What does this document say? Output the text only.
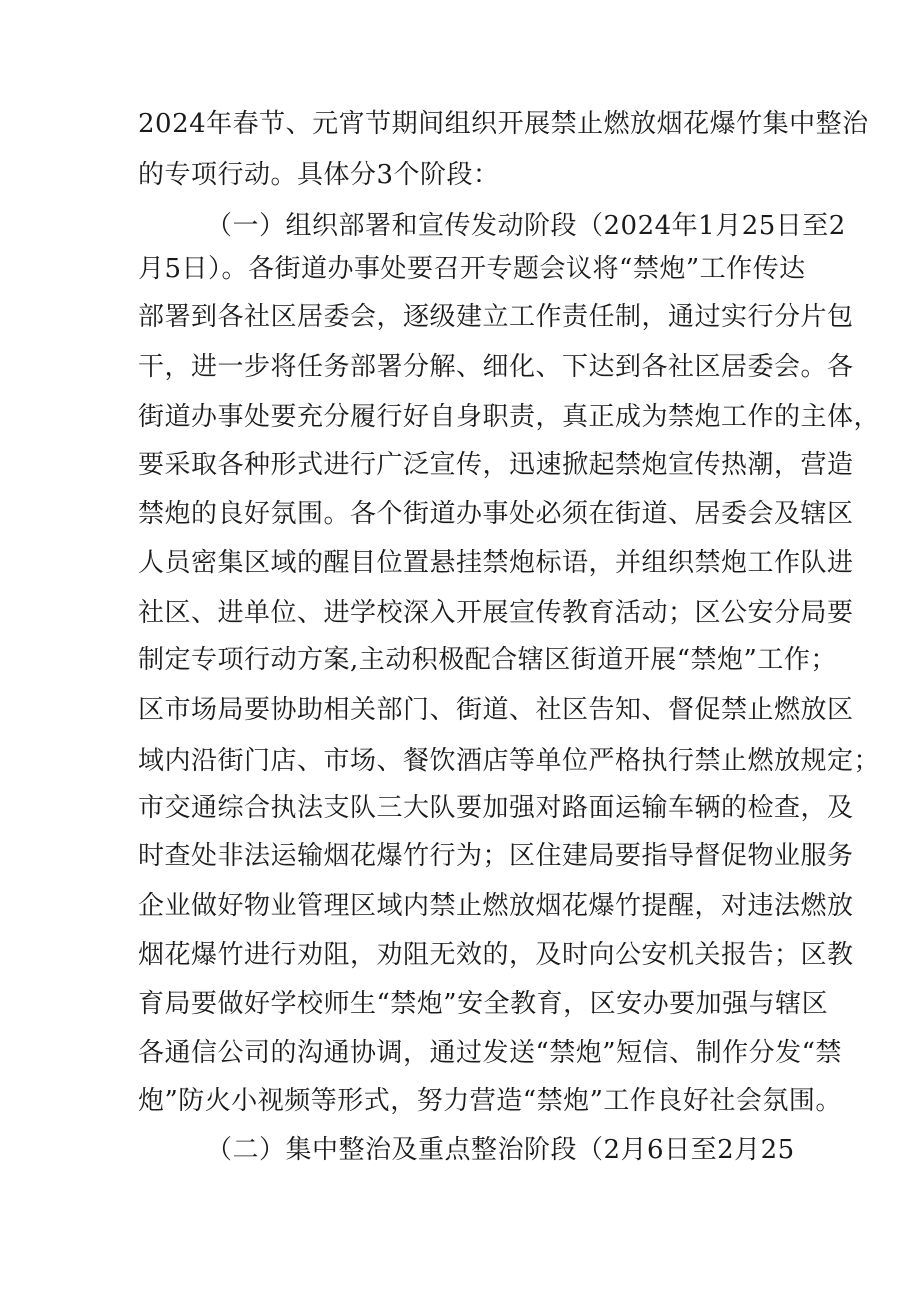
2024年春节、元宵节期间组织开展禁止燃放烟花爆竹集中整治
的专项行动。具体分3个阶段：
（一）组织部署和宣传发动阶段（2024年1月25日至2
月5日）。各街道办事处要召开专题会议将“禁炮”工作传达
部署到各社区居委会，逐级建立工作责任制，通过实行分片包
干，进一步将任务部署分解、细化、下达到各社区居委会。各
街道办事处要充分履行好自身职责，真正成为禁炮工作的主体，
要采取各种形式进行广泛宣传，迅速掀起禁炮宣传热潮，营造
禁炮的良好氛围。各个街道办事处必须在街道、居委会及辖区
人员密集区域的醒目位置悬挂禁炮标语，并组织禁炮工作队进
社区、进单位、进学校深入开展宣传教育活动；区公安分局要
制定专项行动方案,主动积极配合辖区街道开展“禁炮”工作；
区市场局要协助相关部门、街道、社区告知、督促禁止燃放区
域内沿街门店、市场、餐饮酒店等单位严格执行禁止燃放规定；
市交通综合执法支队三大队要加强对路面运输车辆的检查，及
时查处非法运输烟花爆竹行为；区住建局要指导督促物业服务
企业做好物业管理区域内禁止燃放烟花爆竹提醒，对违法燃放
烟花爆竹进行劝阻，劝阻无效的，及时向公安机关报告；区教
育局要做好学校师生“禁炮”安全教育，区安办要加强与辖区
各通信公司的沟通协调，通过发送“禁炮”短信、制作分发“禁
炮”防火小视频等形式，努力营造“禁炮”工作良好社会氛围。
（二）集中整治及重点整治阶段（2月6日至2月25
